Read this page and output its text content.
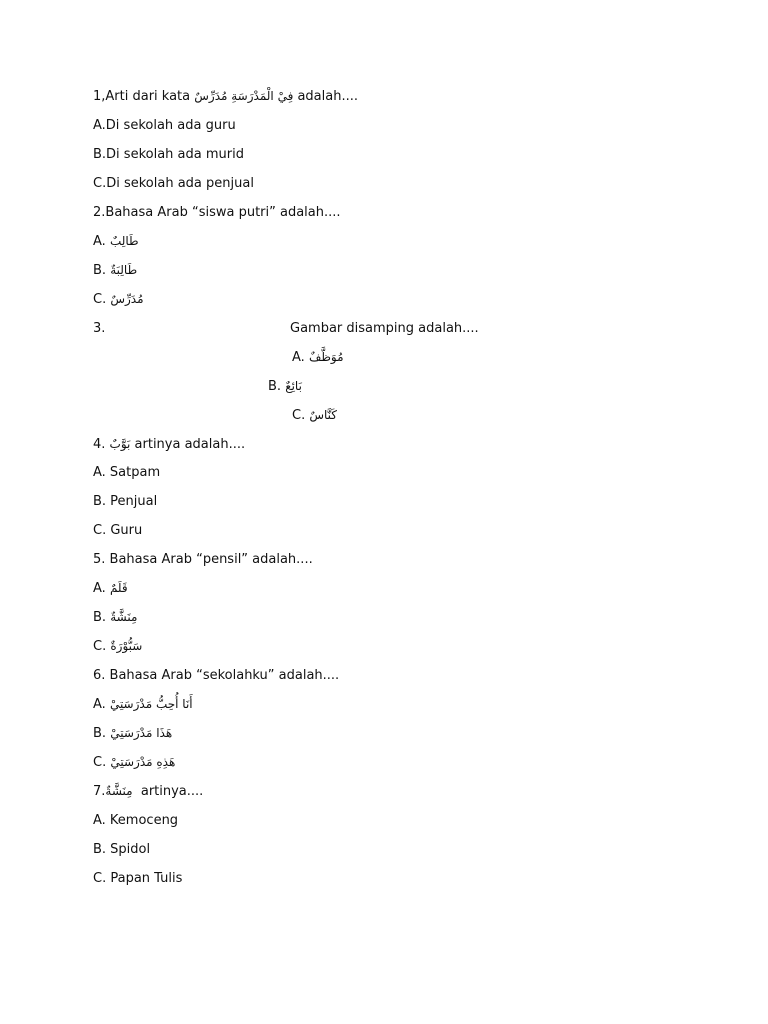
1,Arti dari kata فِيْ الْمَدْرَسَةِ مُدَرِّسٌ adalah....
A.Di sekolah ada guru
B.Di sekolah ada murid
C.Di sekolah ada penjual
2.Bahasa Arab “siswa putri” adalah....
A. طَالِبٌ
B. طَالِبَةٌ
C. مُدَرِّسٌ
3.	Gambar disamping adalah....
A. مُوَظَّفٌ
B. بَائِعٌ
C. كَنَّاسٌ
4. بَوَّبٌ artinya adalah....
A. Satpam
B. Penjual
C. Guru
5. Bahasa Arab “pensil” adalah....
A. قَلَمٌ
B. مِنَشَّةٌ
C. سَبُّوْرَةٌ
6. Bahasa Arab “sekolahku” adalah....
A. أَنَا أُحِبُّ مَدْرَسَتِيْ
B. هَذَا مَدْرَسَتِيْ
C. هَذِهِ مَدْرَسَتِيْ
7.مِنَشَّةٌ artinya....
A. Kemoceng
B. Spidol
C. Papan Tulis
